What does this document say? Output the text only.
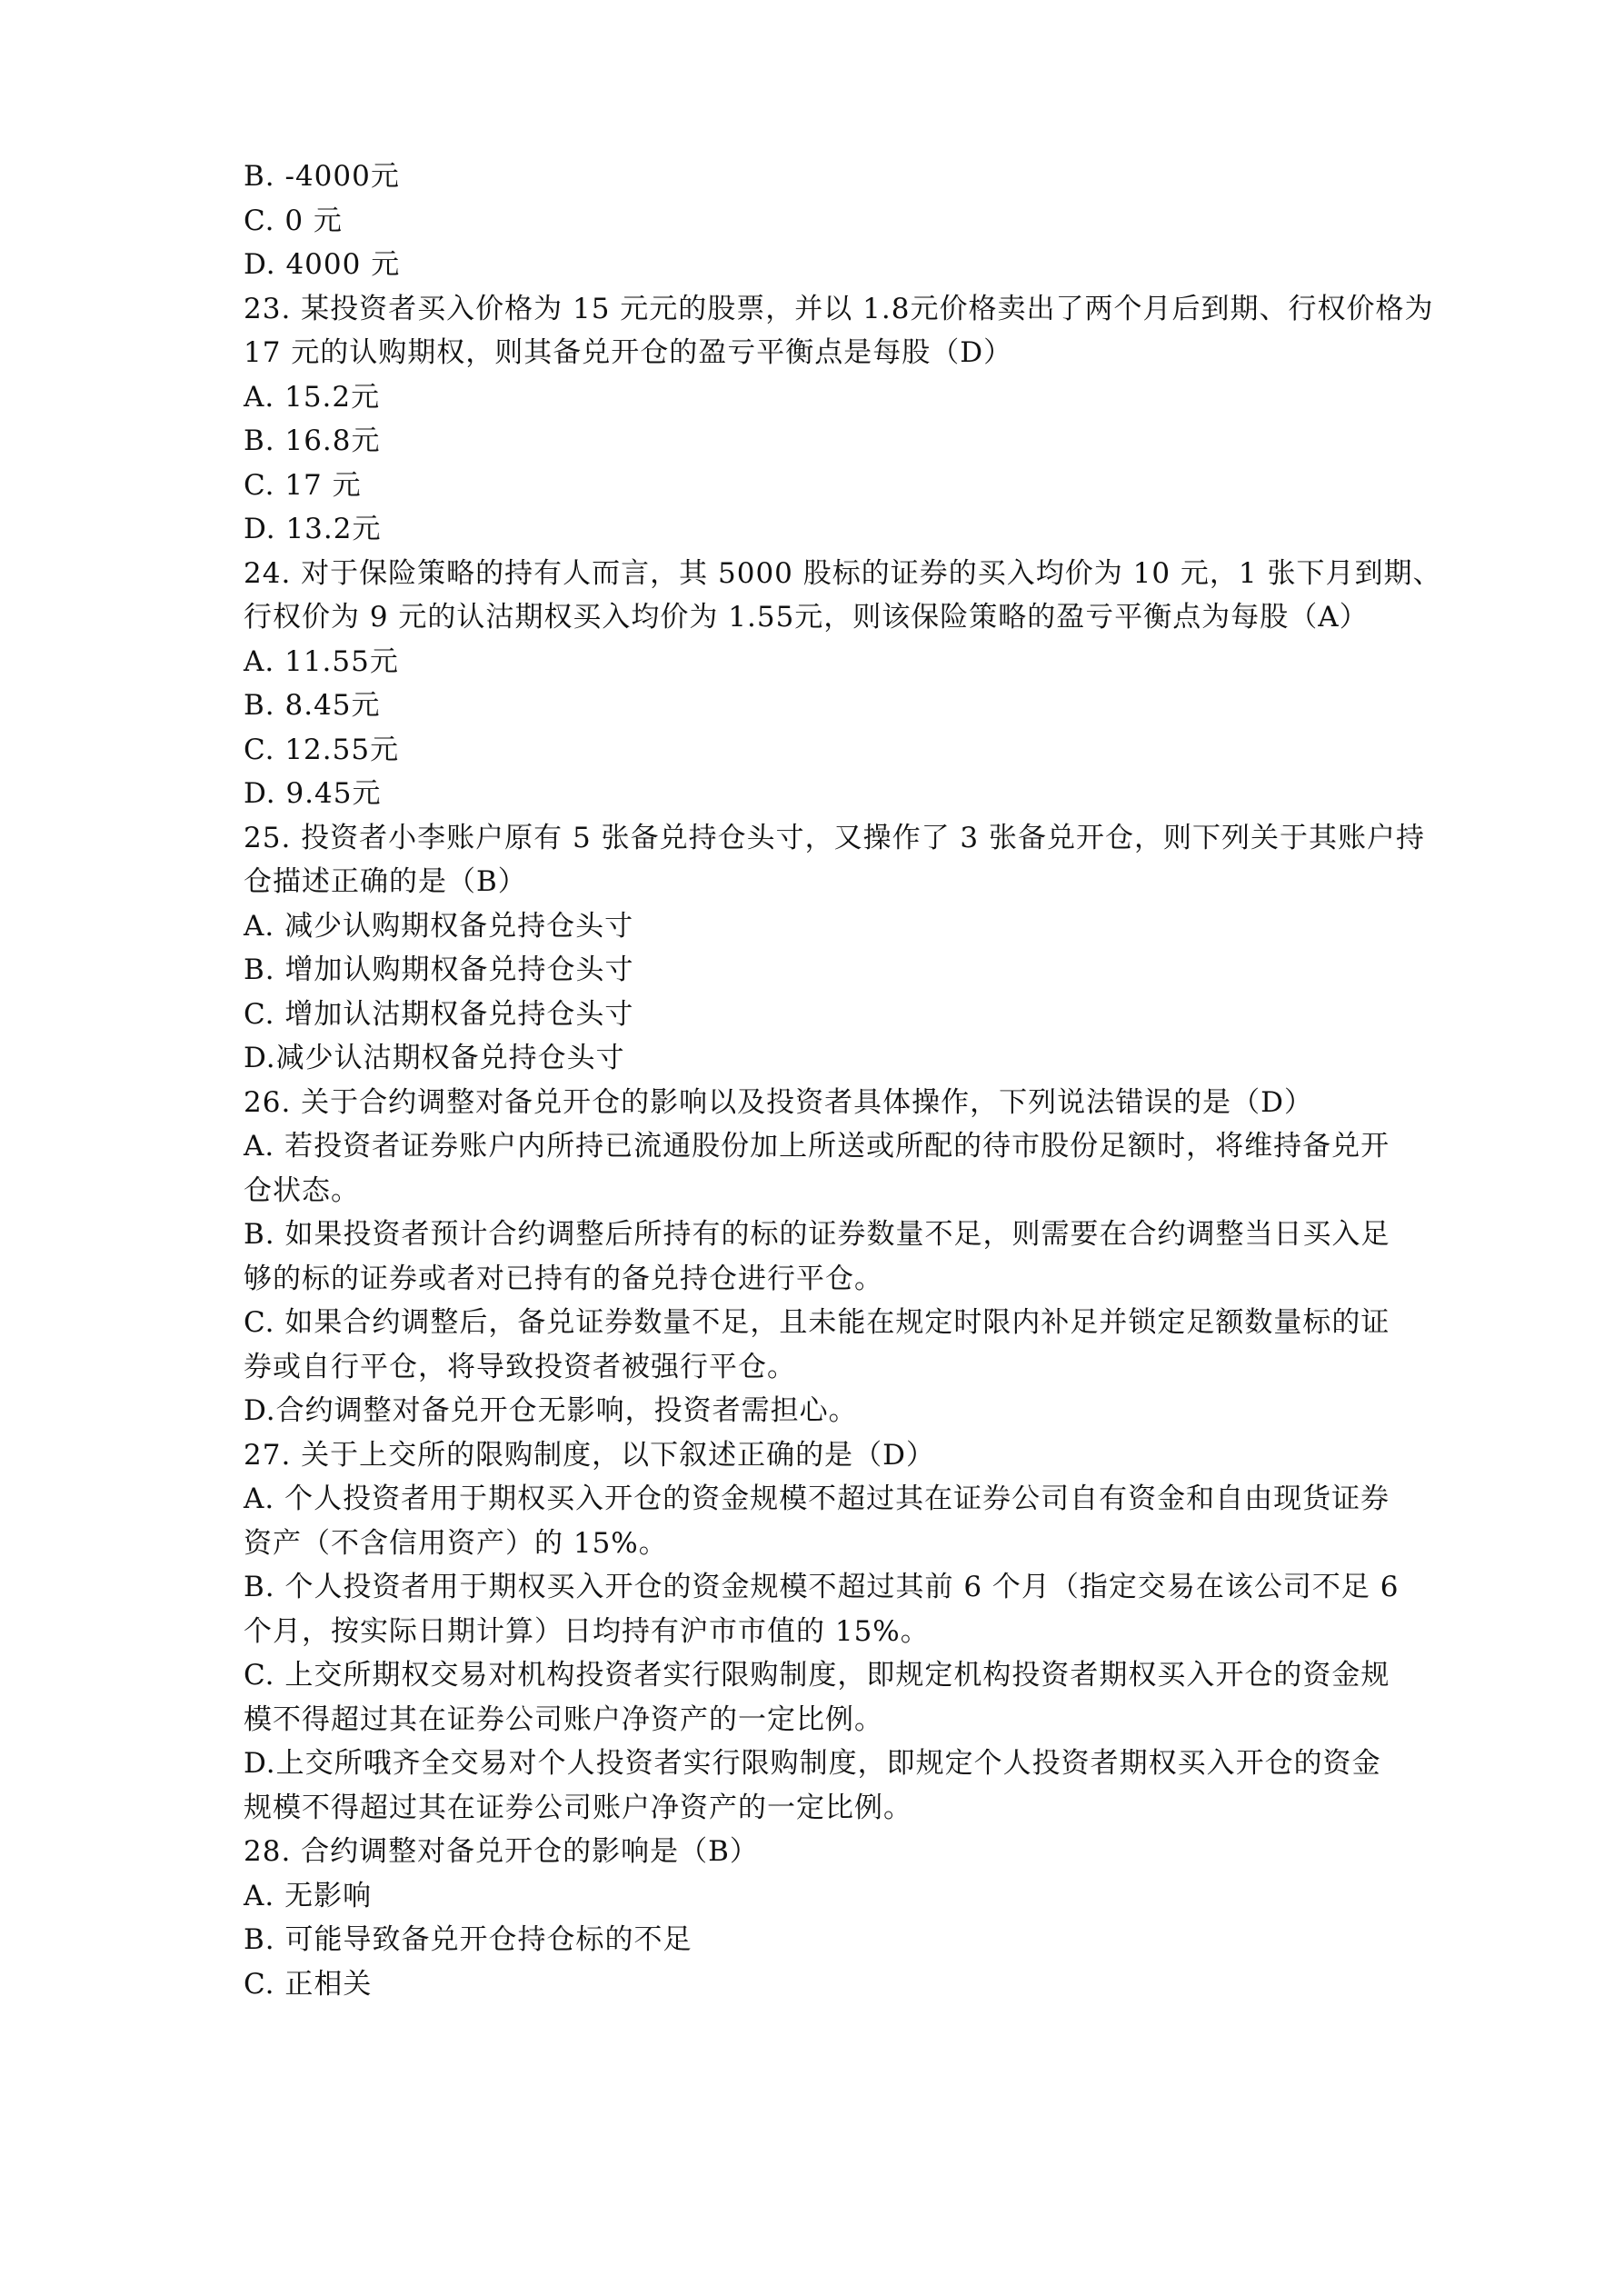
B. -4000元
C. 0 元
D. 4000 元
23. 某投资者买入价格为 15 元元的股票，并以 1.8元价格卖出了两个月后到期、行权价格为
17 元的认购期权，则其备兑开仓的盈亏平衡点是每股（D）
A. 15.2元
B. 16.8元
C. 17 元
D. 13.2元
24. 对于保险策略的持有人而言，其 5000 股标的证券的买入均价为 10 元，1 张下月到期、
行权价为 9 元的认沽期权买入均价为 1.55元，则该保险策略的盈亏平衡点为每股（A）
A. 11.55元
B. 8.45元
C. 12.55元
D. 9.45元
25. 投资者小李账户原有 5 张备兑持仓头寸，又操作了 3 张备兑开仓，则下列关于其账户持
仓描述正确的是（B）
A. 减少认购期权备兑持仓头寸
B. 增加认购期权备兑持仓头寸
C. 增加认沽期权备兑持仓头寸
D.减少认沽期权备兑持仓头寸
26. 关于合约调整对备兑开仓的影响以及投资者具体操作，下列说法错误的是（D）
A. 若投资者证券账户内所持已流通股份加上所送或所配的待市股份足额时，将维持备兑开
仓状态。
B. 如果投资者预计合约调整后所持有的标的证券数量不足，则需要在合约调整当日买入足
够的标的证券或者对已持有的备兑持仓进行平仓。
C. 如果合约调整后，备兑证券数量不足，且未能在规定时限内补足并锁定足额数量标的证
券或自行平仓，将导致投资者被强行平仓。
D.合约调整对备兑开仓无影响，投资者需担心。
27. 关于上交所的限购制度，以下叙述正确的是（D）
A. 个人投资者用于期权买入开仓的资金规模不超过其在证券公司自有资金和自由现货证券
资产（不含信用资产）的 15%。
B. 个人投资者用于期权买入开仓的资金规模不超过其前 6 个月（指定交易在该公司不足 6
个月，按实际日期计算）日均持有沪市市值的 15%。
C. 上交所期权交易对机构投资者实行限购制度，即规定机构投资者期权买入开仓的资金规
模不得超过其在证券公司账户净资产的一定比例。
D.上交所哦齐全交易对个人投资者实行限购制度，即规定个人投资者期权买入开仓的资金
规模不得超过其在证券公司账户净资产的一定比例。
28. 合约调整对备兑开仓的影响是（B）
A. 无影响
B. 可能导致备兑开仓持仓标的不足
C. 正相关
